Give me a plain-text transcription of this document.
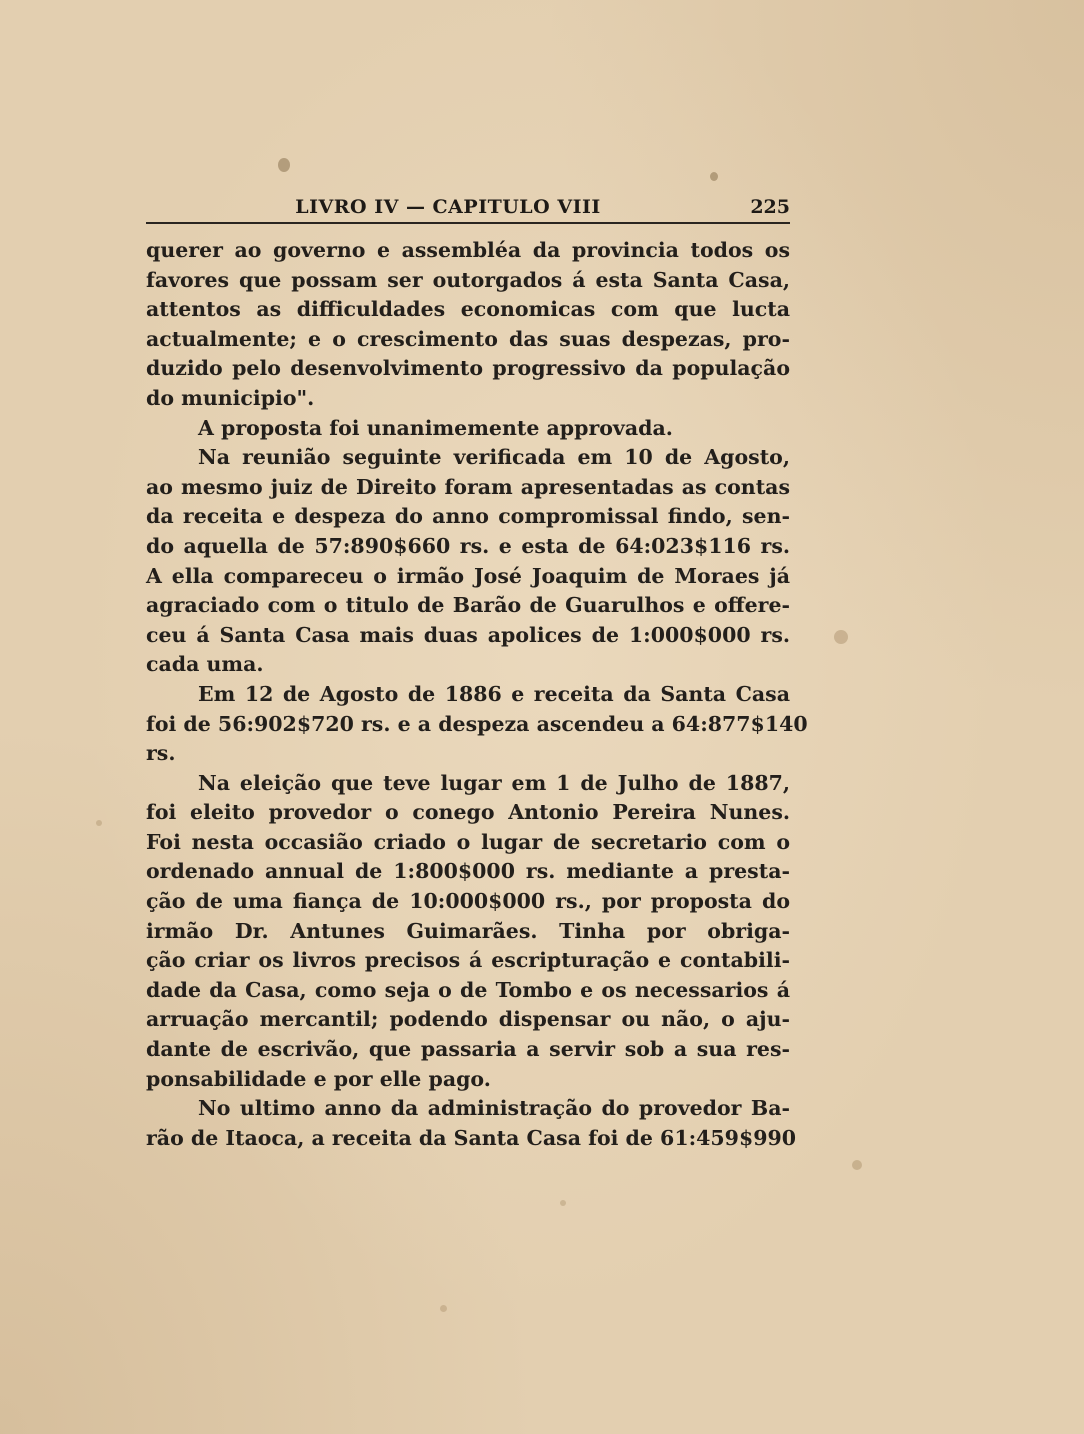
LIVRO IV — CAPITULO VIII	225
querer ao governo e assembléa da provincia todos os
favores que possam ser outorgados á esta Santa Casa,
attentos as difficuldades economicas com que lucta
actualmente; e o crescimento das suas despezas, pro-
duzido pelo desenvolvimento progressivo da população
do municipio".
A proposta foi unanimemente approvada.
Na reunião seguinte verificada em 10 de Agosto,
ao mesmo juiz de Direito foram apresentadas as contas
da receita e despeza do anno compromissal findo, sen-
do aquella de 57:890$660 rs. e esta de 64:023$116 rs.
A ella compareceu o irmão José Joaquim de Moraes já
agraciado com o titulo de Barão de Guarulhos e offere-
ceu á Santa Casa mais duas apolices de 1:000$000 rs.
cada uma.
Em 12 de Agosto de 1886 e receita da Santa Casa
foi de 56:902$720 rs. e a despeza ascendeu a 64:877$140
rs.
Na eleição que teve lugar em 1 de Julho de 1887,
foi eleito provedor o conego Antonio Pereira Nunes.
Foi nesta occasião criado o lugar de secretario com o
ordenado annual de 1:800$000 rs. mediante a presta-
ção de uma fiança de 10:000$000 rs., por proposta do
irmão Dr. Antunes Guimarães. Tinha por obriga-
ção criar os livros precisos á escripturação e contabili-
dade da Casa, como seja o de Tombo e os necessarios á
arruação mercantil; podendo dispensar ou não, o aju-
dante de escrivão, que passaria a servir sob a sua res-
ponsabilidade e por elle pago.
No ultimo anno da administração do provedor Ba-
rão de Itaoca, a receita da Santa Casa foi de 61:459$990
